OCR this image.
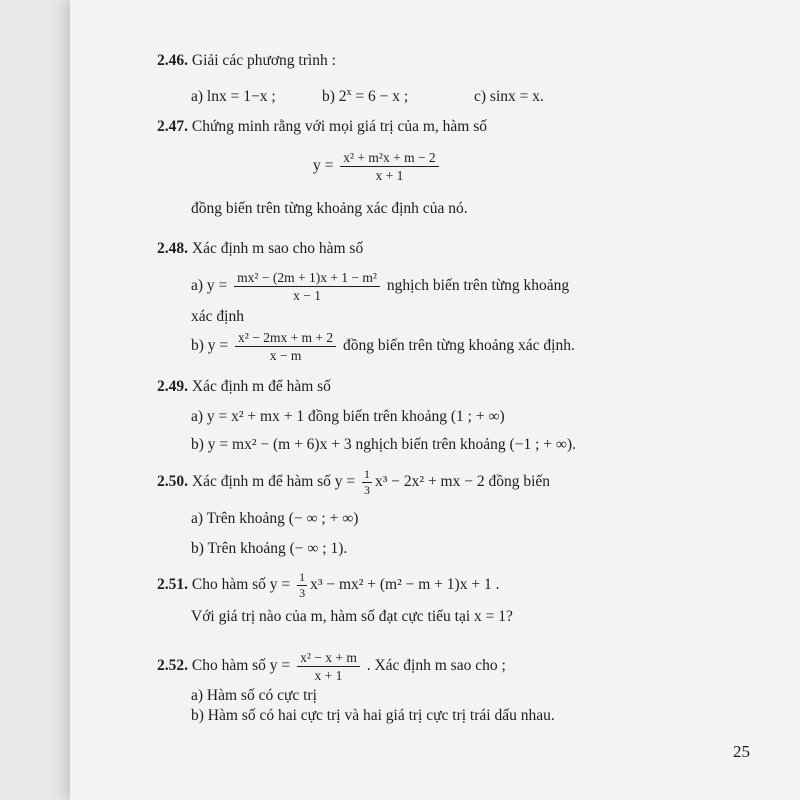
2.46. Giải các phương trình :
a) lnx = 1−x ;	b) $2^x = 6 - x$ ;	c) sinx = x.
2.47. Chứng minh rằng với mọi giá trị của m, hàm số
$y = \frac{\text{x² + m²x + m − 2}}{x + 1}$
đồng biến trên từng khoảng xác định của nó.
2.48. Xác định m sao cho hàm số
a) $y = \frac{\text{mx² − (2m + 1)x + 1 − m²}}{x - 1}$ nghịch biến trên từng khoảng
xác định
b) $y = \frac{\text{x² − 2mx + m + 2}}{x - m}$ đồng biến trên từng khoảng xác định.
2.49. Xác định m để hàm số
a) y = x² + mx + 1 đồng biến trên khoảng (1 ; + ∞)
b) y = mx² − (m + 6)x + 3 nghịch biến trên khoảng (−1 ; + ∞).
2.50. Xác định m để hàm số $y = \frac{1}{3} x^3 - 2x^2$ + mx − 2 đồng biến
a) Trên khoảng (− ∞ ; + ∞)
b) Trên khoảng (− ∞ ; 1).
2.51. Cho hàm số $y = \frac{1}{3} x^3 - mx^2 + (m^2 - m + 1)x + 1$ .
Với giá trị nào của m, hàm số đạt cực tiểu tại x = 1?
2.52. Cho hàm số $y = \frac{\text{x² − x + m}}{x + 1}$ . Xác định m sao cho ;
a) Hàm số có cực trị
b) Hàm số có hai cực trị và hai giá trị cực trị trái dấu nhau.
25
